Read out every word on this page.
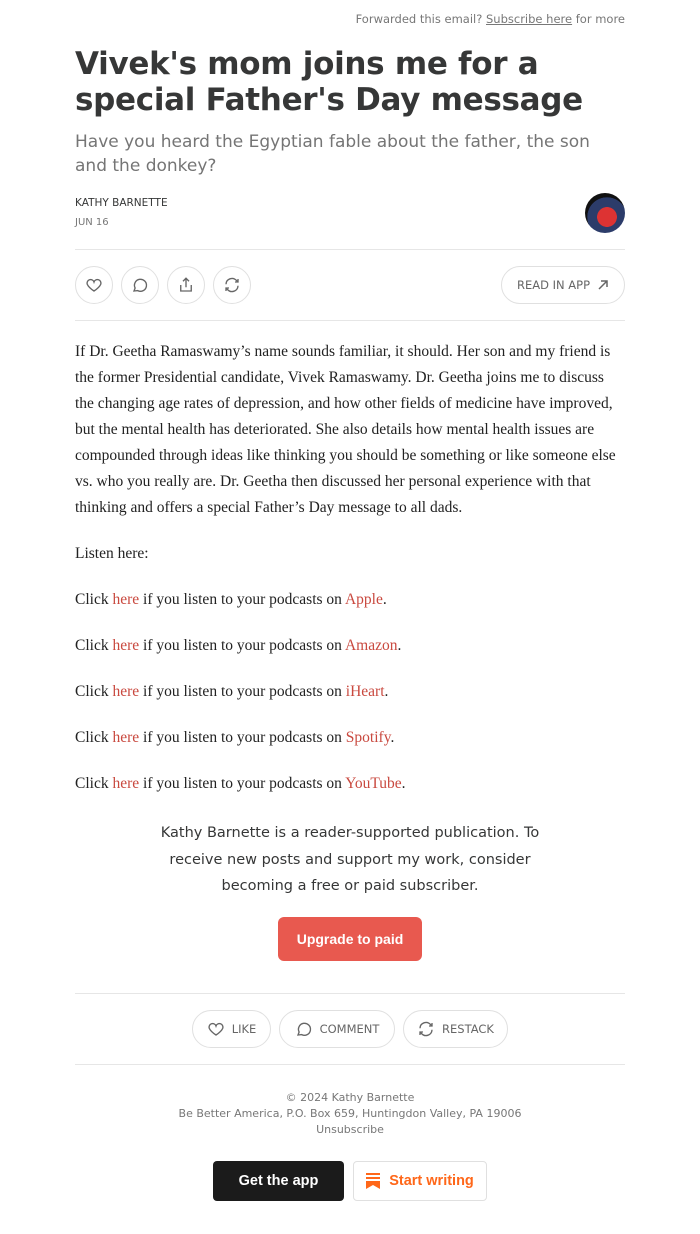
Forwarded this email? Subscribe here for more
Vivek's mom joins me for a special Father's Day message
Have you heard the Egyptian fable about the father, the son and the donkey?
KATHY BARNETTE
JUN 16
READ IN APP

If Dr. Geetha Ramaswamy’s name sounds familiar, it should. Her son and my friend is the former Presidential candidate, Vivek Ramaswamy. Dr. Geetha joins me to discuss the changing age rates of depression, and how other fields of medicine have improved, but the mental health has deteriorated. She also details how mental health issues are compounded through ideas like thinking you should be something or like someone else vs. who you really are. Dr. Geetha then discussed her personal experience with that thinking and offers a special Father’s Day message to all dads.

Listen here:

Click here if you listen to your podcasts on Apple.

Click here if you listen to your podcasts on Amazon.

Click here if you listen to your podcasts on iHeart.

Click here if you listen to your podcasts on Spotify.

Click here if you listen to your podcasts on YouTube.

Kathy Barnette is a reader-supported publication. To receive new posts and support my work, consider becoming a free or paid subscriber.
Upgrade to paid
LIKE	COMMENT	RESTACK
© 2024 Kathy Barnette
Be Better America, P.O. Box 659, Huntingdon Valley, PA 19006
Unsubscribe
Get the app	Start writing
